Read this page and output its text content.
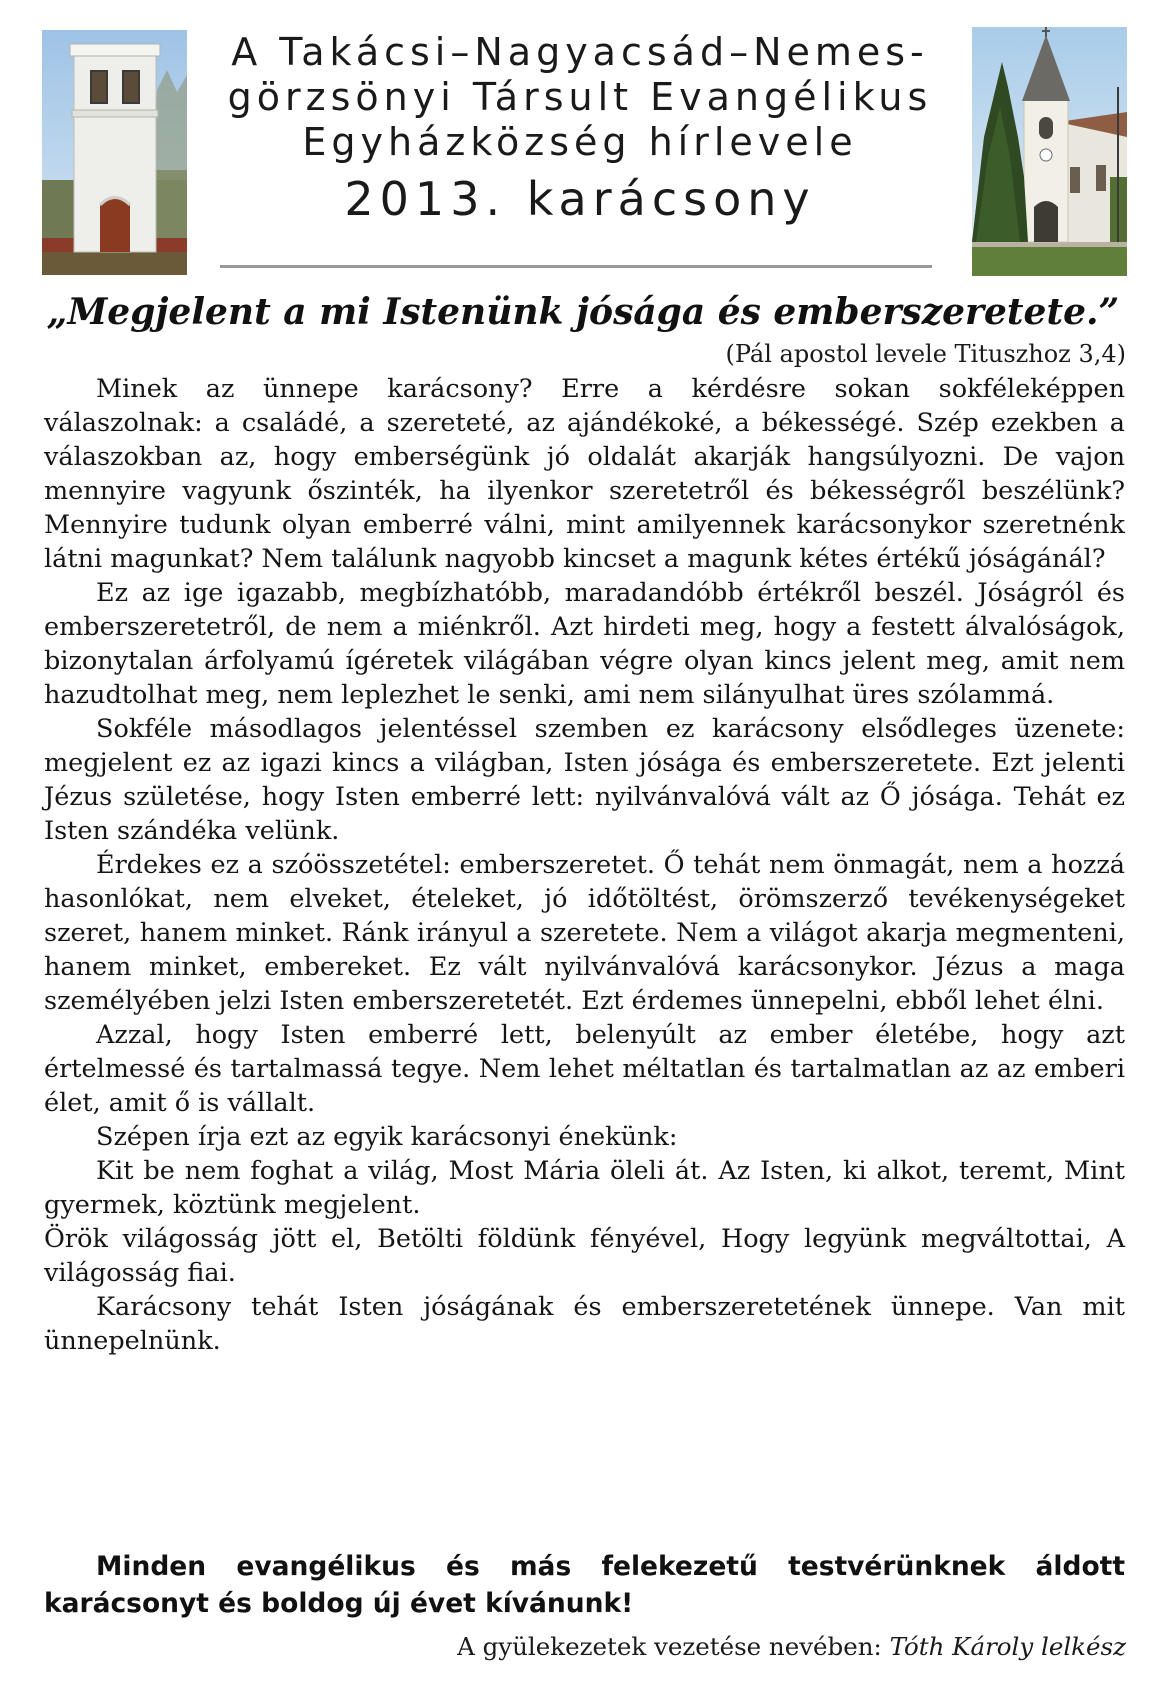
A Takácsi–Nagyacsád–Nemes-
görzsönyi Társult Evangélikus
Egyházközség hírlevele
2013. karácsony
„Megjelent a mi Istenünk jósága és emberszeretete.”
(Pál apostol levele Tituszhoz 3,4)

Minek az ünnepe karácsony? Erre a kérdésre sokan sokféleképpen válaszolnak: a családé, a szereteté, az ajándékoké, a békességé. Szép ezekben a válaszokban az, hogy emberségünk jó oldalát akarják hangsúlyozni. De vajon mennyire vagyunk őszinték, ha ilyenkor szeretetről és békességről beszélünk? Mennyire tudunk olyan emberré válni, mint amilyennek karácsonykor szeretnénk látni magunkat? Nem találunk nagyobb kincset a magunk kétes értékű jóságánál?

Ez az ige igazabb, megbízhatóbb, maradandóbb értékről beszél. Jóságról és emberszeretetről, de nem a miénkről. Azt hirdeti meg, hogy a festett álvalóságok, bizonytalan árfolyamú ígéretek világában végre olyan kincs jelent meg, amit nem hazudtolhat meg, nem leplezhet le senki, ami nem silányulhat üres szólammá.

Sokféle másodlagos jelentéssel szemben ez karácsony elsődleges üzenete: megjelent ez az igazi kincs a világban, Isten jósága és emberszeretete. Ezt jelenti Jézus születése, hogy Isten emberré lett: nyilvánvalóvá vált az Ő jósága. Tehát ez Isten szándéka velünk.

Érdekes ez a szóösszetétel: emberszeretet. Ő tehát nem önmagát, nem a hozzá hasonlókat, nem elveket, ételeket, jó időtöltést, örömszerző tevékenységeket szeret, hanem minket. Ránk irányul a szeretete. Nem a világot akarja megmenteni, hanem minket, embereket. Ez vált nyilvánvalóvá karácsonykor. Jézus a maga személyében jelzi Isten emberszeretetét. Ezt érdemes ünnepelni, ebből lehet élni.

Azzal, hogy Isten emberré lett, belenyúlt az ember életébe, hogy azt értelmessé és tartalmassá tegye. Nem lehet méltatlan és tartalmatlan az az emberi élet, amit ő is vállalt.

Szépen írja ezt az egyik karácsonyi énekünk:

Kit be nem foghat a világ, Most Mária öleli át. Az Isten, ki alkot, teremt, Mint gyermek, köztünk megjelent.

Örök világosság jött el, Betölti földünk fényével, Hogy legyünk megváltottai, A világosság fiai.

Karácsony tehát Isten jóságának és emberszeretetének ünnepe. Van mit ünnepelnünk.

Minden evangélikus és más felekezetű testvérünknek áldott karácsonyt és boldog új évet kívánunk!

A gyülekezetek vezetése nevében: Tóth Károly lelkész
